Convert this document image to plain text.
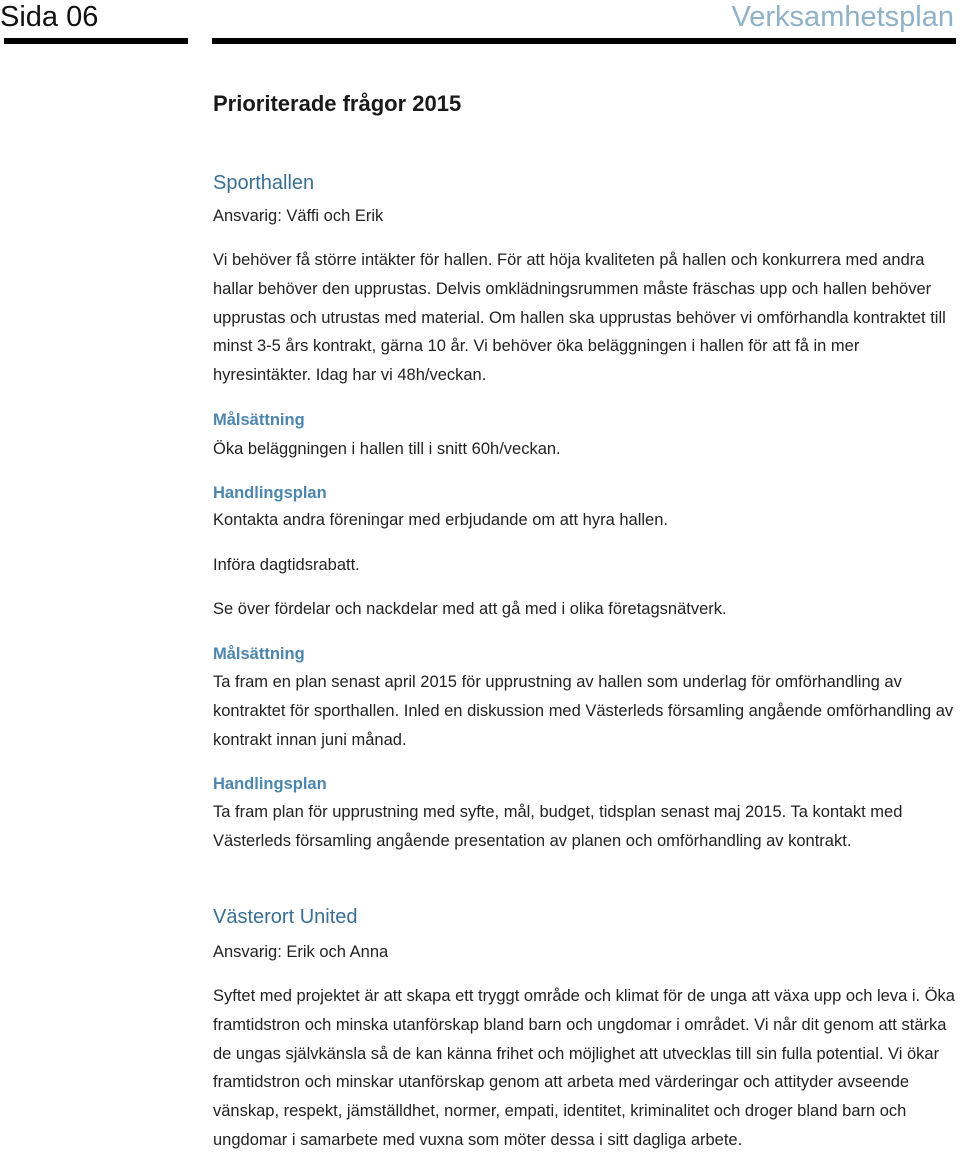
Sida 06	Verksamhetsplan
Prioriterade frågor 2015
Sporthallen

Ansvarig: Väffi och Erik

Vi behöver få större intäkter för hallen. För att höja kvaliteten på hallen och konkurrera med andra hallar behöver den upprustas. Delvis omklädningsrummen måste fräschas upp och hallen behöver upprustas och utrustas med material. Om hallen ska upprustas behöver vi omförhandla kontraktet till minst 3-5 års kontrakt, gärna 10 år. Vi behöver öka beläggningen i hallen för att få in mer hyresintäkter. Idag har vi 48h/veckan.

Målsättning

Öka beläggningen i hallen till i snitt 60h/veckan.

Handlingsplan

Kontakta andra föreningar med erbjudande om att hyra hallen.

Införa dagtidsrabatt.

Se över fördelar och nackdelar med att gå med i olika företagsnätverk.

Målsättning

Ta fram en plan senast april 2015 för upprustning av hallen som underlag för omförhandling av kontraktet för sporthallen. Inled en diskussion med Västerleds församling angående omförhandling av kontrakt innan juni månad.

Handlingsplan

Ta fram plan för upprustning med syfte, mål, budget, tidsplan senast maj 2015. Ta kontakt med Västerleds församling angående presentation av planen och omförhandling av kontrakt.

Västerort United

Ansvarig: Erik och Anna

Syftet med projektet är att skapa ett tryggt område och klimat för de unga att växa upp och leva i. Öka framtidstron och minska utanförskap bland barn och ungdomar i området. Vi når dit genom att stärka de ungas självkänsla så de kan känna frihet och möjlighet att utvecklas till sin fulla potential. Vi ökar framtidstron och minskar utanförskap genom att arbeta med värderingar och attityder avseende vänskap, respekt, jämställdhet, normer, empati, identitet, kriminalitet och droger bland barn och ungdomar i samarbete med vuxna som möter dessa i sitt dagliga arbete.
